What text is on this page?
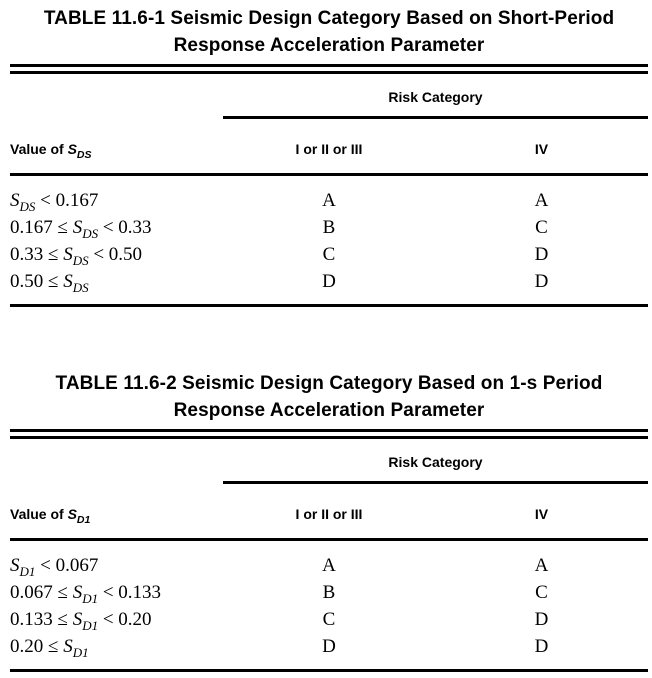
TABLE 11.6-1 Seismic Design Category Based on Short-Period
Response Acceleration Parameter
Risk Category
Value of $S_{DS}$	I or II or III	IV
$S_{DS} < 0.167$	A	A
$0.167 \le S_{DS} < 0.33$	B	C
$0.33 \le S_{DS} < 0.50$	C	D
$0.50 \le S_{DS}$	D	D
TABLE 11.6-2 Seismic Design Category Based on 1-s Period
Response Acceleration Parameter
Risk Category
Value of $S_{D1}$	I or II or III	IV
$S_{D1} < 0.067$	A	A
$0.067 \le S_{D1} < 0.133$	B	C
$0.133 \le S_{D1} < 0.20$	C	D
$0.20 \le S_{D1}$	D	D
